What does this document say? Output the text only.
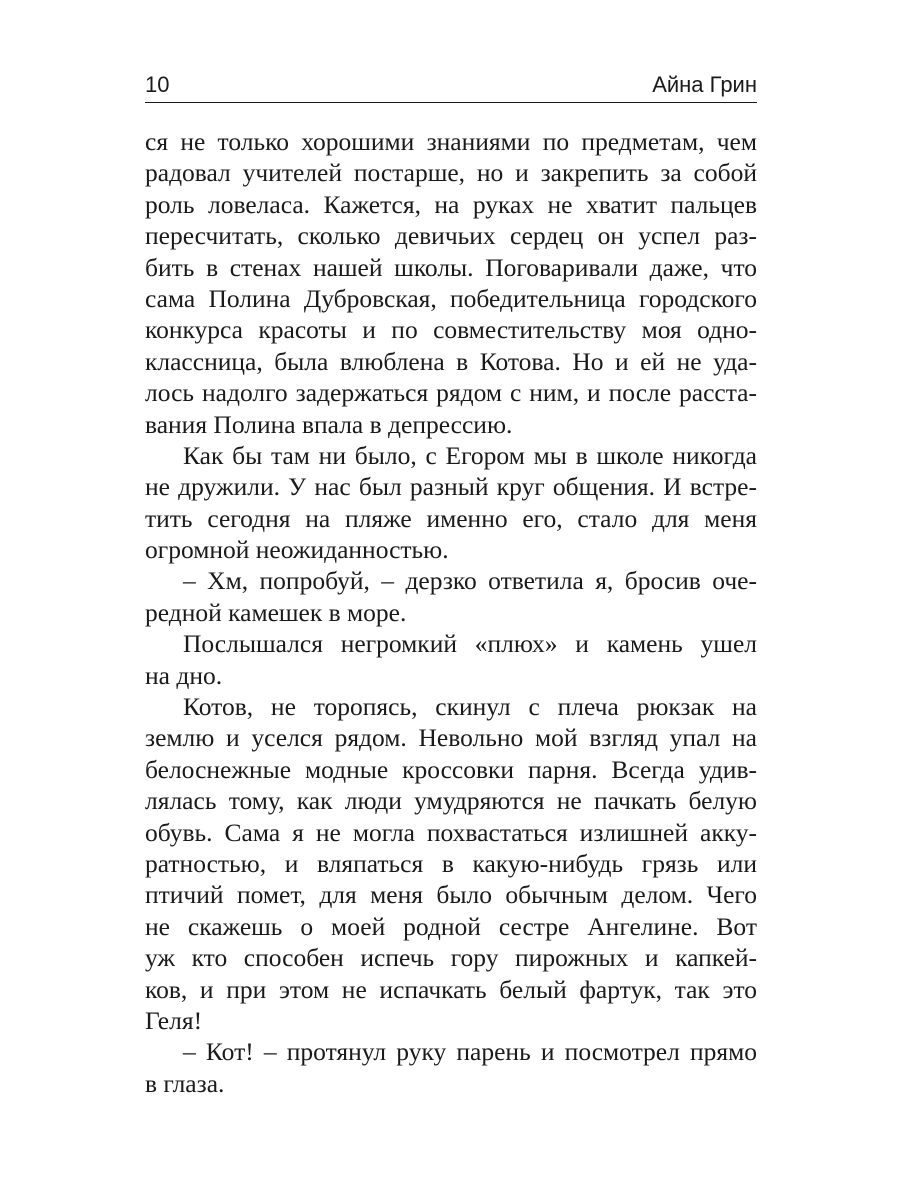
10	Айна Грин
ся не только хорошими знаниями по предметам, чем
радовал учителей постарше, но и закрепить за собой
роль ловеласа. Кажется, на руках не хватит пальцев
пересчитать, сколько девичьих сердец он успел раз-
бить в стенах нашей школы. Поговаривали даже, что
сама Полина Дубровская, победительница городского
конкурса красоты и по совместительству моя одно-
классница, была влюблена в Котова. Но и ей не уда-
лось надолго задержаться рядом с ним, и после расста-
вания Полина впала в депрессию.
Как бы там ни было, с Егором мы в школе никогда
не дружили. У нас был разный круг общения. И встре-
тить сегодня на пляже именно его, стало для меня
огромной неожиданностью.
– Хм, попробуй, – дерзко ответила я, бросив оче-
редной камешек в море.
Послышался негромкий «плюх» и камень ушел
на дно.
Котов, не торопясь, скинул с плеча рюкзак на
землю и уселся рядом. Невольно мой взгляд упал на
белоснежные модные кроссовки парня. Всегда удив-
лялась тому, как люди умудряются не пачкать белую
обувь. Сама я не могла похвастаться излишней акку-
ратностью, и вляпаться в какую-нибудь грязь или
птичий помет, для меня было обычным делом. Чего
не скажешь о моей родной сестре Ангелине. Вот
уж кто способен испечь гору пирожных и капкей-
ков, и при этом не испачкать белый фартук, так это
Геля!
– Кот! – протянул руку парень и посмотрел прямо
в глаза.
